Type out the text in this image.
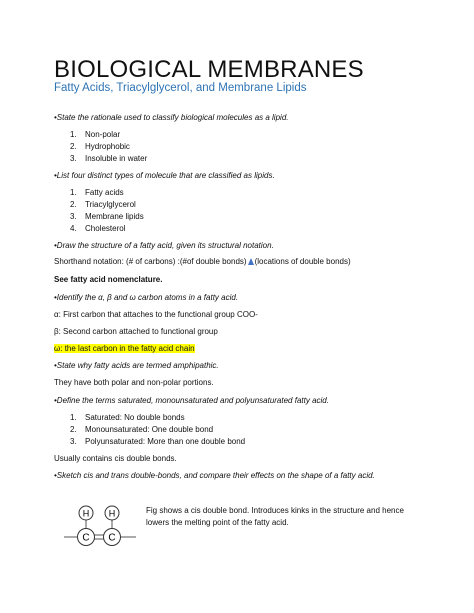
BIOLOGICAL MEMBRANES
Fatty Acids, Triacylglycerol, and Membrane Lipids
•State the rationale used to classify biological molecules as a lipid.
1. Non-polar
2. Hydrophobic
3. Insoluble in water
•List four distinct types of molecule that are classified as lipids.
1. Fatty acids
2. Triacylglycerol
3. Membrane lipids
4. Cholesterol
•Draw the structure of a fatty acid, given its structural notation.
Shorthand notation: (# of carbons) :(#of double bonds) (locations of double bonds)
See fatty acid nomenclature.
•Identify the α, β and ω carbon atoms in a fatty acid.
α: First carbon that attaches to the functional group COO-
β: Second carbon attached to functional group
ω: the last carbon in the fatty acid chain
•State why fatty acids are termed amphipathic.
They have both polar and non-polar portions.
•Define the terms saturated, monounsaturated and polyunsaturated fatty acid.
1. Saturated: No double bonds
2. Monounsaturated: One double bond
3. Polyunsaturated: More than one double bond
Usually contains cis double bonds.
•Sketch cis and trans double-bonds, and compare their effects on the shape of a fatty acid.
H H
C C
Fig shows a cis double bond. Introduces kinks in the structure and hence lowers the melting point of the fatty acid.
